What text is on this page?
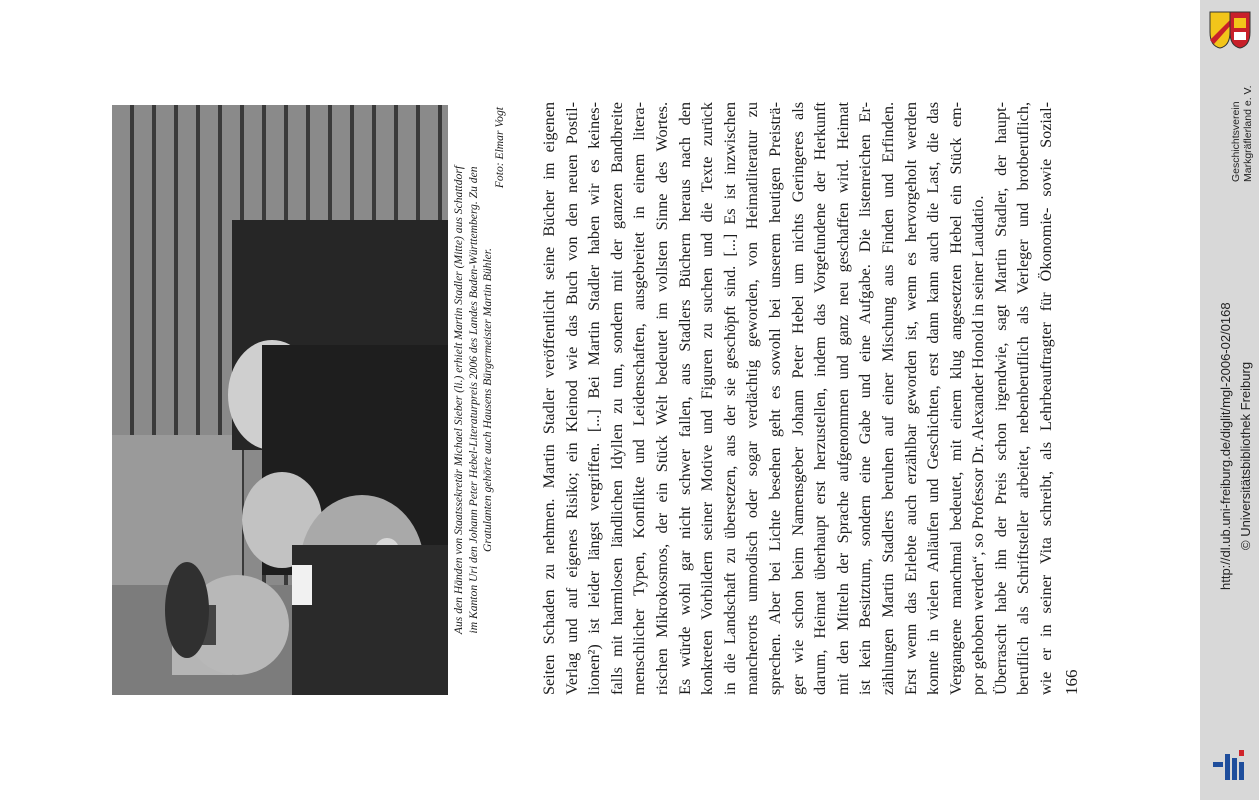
Aus den Händen von Staatssekretär Michael Sieber (li.) erhielt Martin Stadler (Mitte) aus Schattdorf im Kanton Uri den Johann Peter Hebel-Literaturpreis 2006 des Landes Baden-Württemberg. Zu den Gratulanten gehörte auch Hausens Bürgermeister Martin Bühler.
Foto: Elmar Vogt Seiten Schaden zu nehmen. Martin Stadler veröffentlicht seine Bücher im eigenen Verlag und auf eigenes Risiko; ein Kleinod wie das Buch von den neuen Postil- lionen²) ist leider längst vergriffen. [...] Bei Martin Stadler haben wir es keines- falls mit harmlosen ländlichen Idyllen zu tun, sondern mit der ganzen Bandbreite menschlicher Typen, Konflikte und Leidenschaften, ausgebreitet in einem litera- rischen Mikrokosmos, der ein Stück Welt bedeutet im vollsten Sinne des Wortes. Es würde wohl gar nicht schwer fallen, aus Stadlers Büchern heraus nach den konkreten Vorbildern seiner Motive und Figuren zu suchen und die Texte zurück in die Landschaft zu übersetzen, aus der sie geschöpft sind. [...] Es ist inzwischen mancherorts unmodisch oder sogar verdächtig geworden, von Heimatliteratur zu sprechen. Aber bei Lichte besehen geht es sowohl bei unserem heutigen Preisträ- ger wie schon beim Namensgeber Johann Peter Hebel um nichts Geringeres als darum, Heimat überhaupt erst herzustellen, indem das Vorgefundene der Herkunft mit den Mitteln der Sprache aufgenommen und ganz neu geschaffen wird. Heimat ist kein Besitztum, sondern eine Gabe und eine Aufgabe. Die listenreichen Er- zählungen Martin Stadlers beruhen auf einer Mischung aus Finden und Erfinden. Erst wenn das Erlebte auch erzählbar geworden ist, wenn es hervorgeholt werden konnte in vielen Anläufen und Geschichten, erst dann kann auch die Last, die das Vergangene manchmal bedeutet, mit einem klug angesetzten Hebel ein Stück em- por gehoben werden“, so Professor Dr. Alexander Honold in seiner Laudatio. Überrascht habe ihn der Preis schon irgendwie, sagt Martin Stadler, der haupt- beruflich als Schriftsteller arbeitet, nebenberuflich als Verleger und brotberuflich, wie er in seiner Vita schreibt, als Lehrbeauftragter für Ökonomie- sowie Sozial- 166
Geschichtsverein Markgräflerland e. V.
http://dl.ub.uni-freiburg.de/diglit/mgl-2006-02/0168 © Universitätsbibliothek Freiburg
